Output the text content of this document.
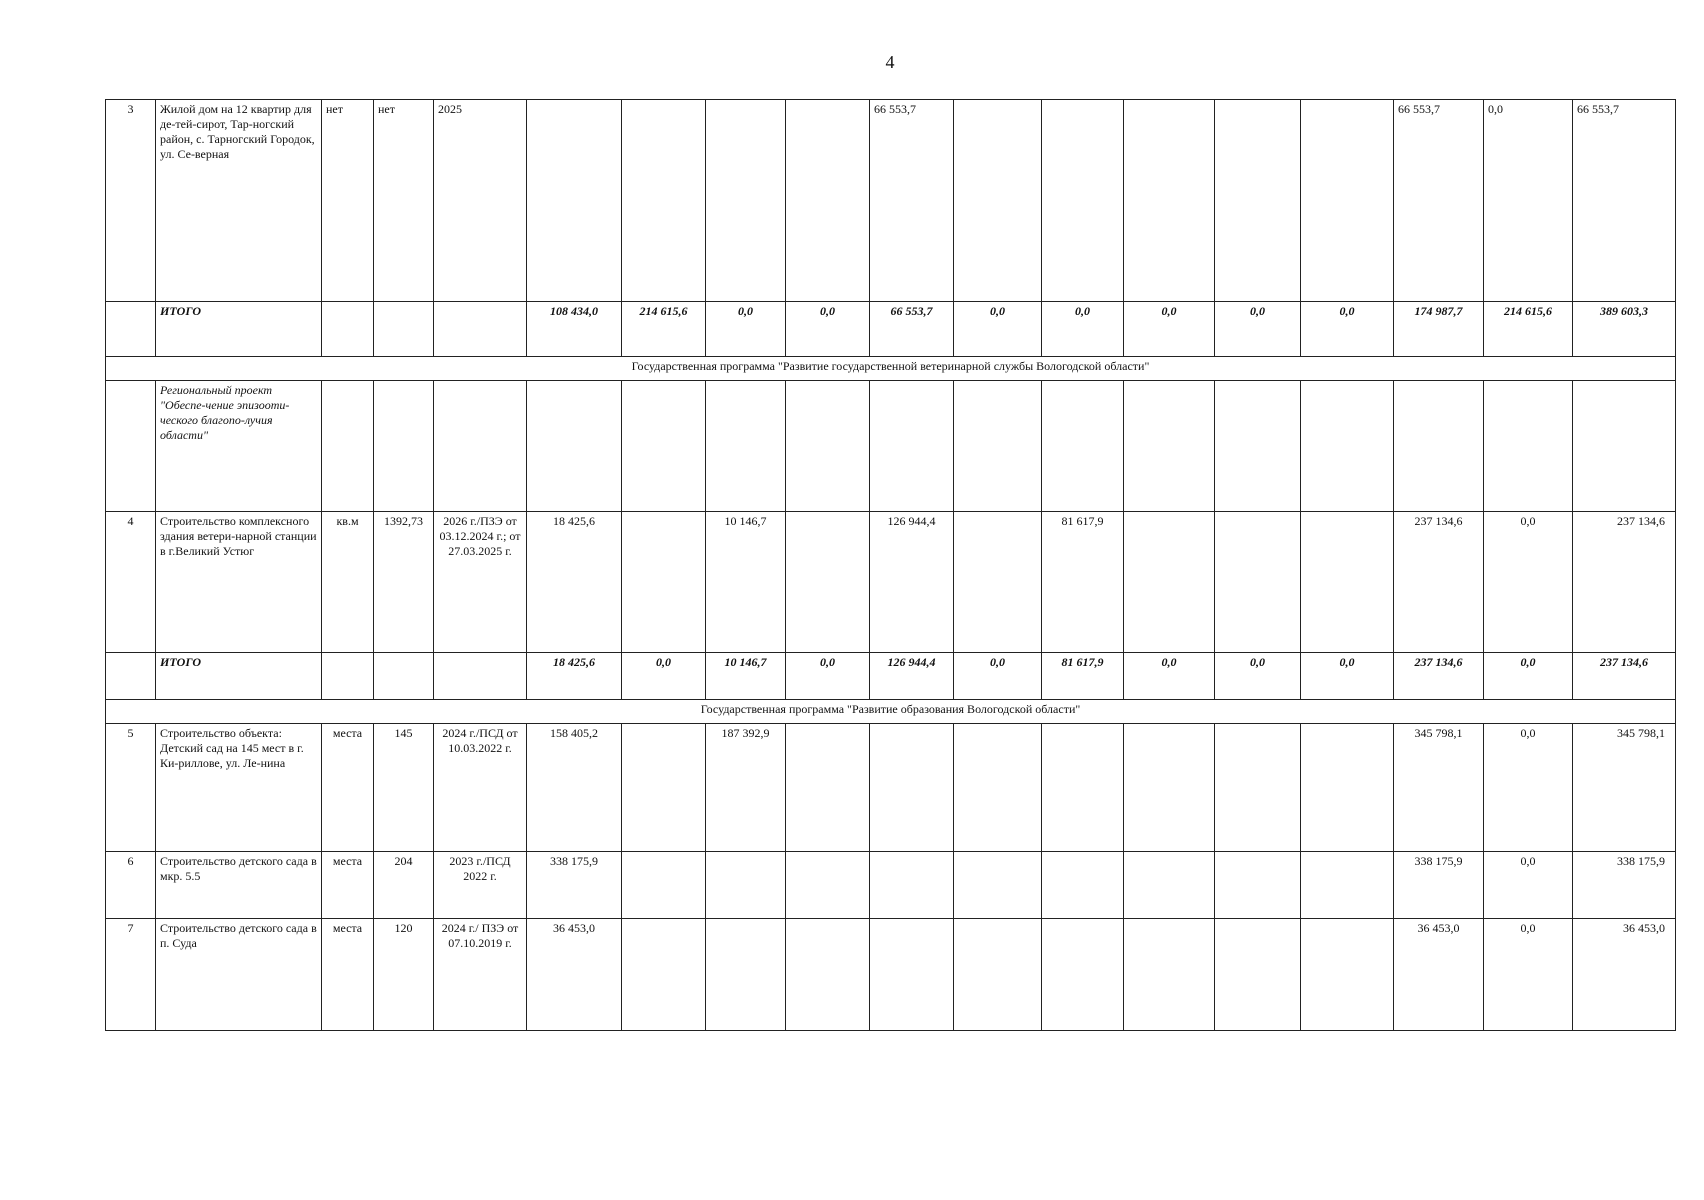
4
3	Жилой дом на 12 квартир для де-тей-сирот, Тар-ногский район, с. Тарногский Городок, ул. Се-верная	нет	нет	2025					66 553,7						66 553,7	0,0	66 553,7
	ИТОГО				108 434,0	214 615,6	0,0	0,0	66 553,7	0,0	0,0	0,0	0,0	0,0	174 987,7	214 615,6	389 603,3
Государственная программа "Развитие государственной ветеринарной службы Вологодской области"																	
	Региональный проект "Обеспе-чение эпизооти-ческого благопо-лучия области"																
4	Строительство комплексного здания ветери-нарной станции в г.Великий Устюг	кв.м	1392,73	2026 г./ПЗЭ от 03.12.2024 г.; от 27.03.2025 г.	18 425,6		10 146,7		126 944,4		81 617,9				237 134,6	0,0	237 134,6
	ИТОГО				18 425,6	0,0	10 146,7	0,0	126 944,4	0,0	81 617,9	0,0	0,0	0,0	237 134,6	0,0	237 134,6
Государственная программа "Развитие образования Вологодской области"																	
5	Строительство объекта: Детский сад на 145 мест в г. Ки-риллове, ул. Ле-нина	места	145	2024 г./ПСД от 10.03.2022 г.	158 405,2		187 392,9								345 798,1	0,0	345 798,1
6	Строительство детского сада в мкр. 5.5	места	204	2023 г./ПСД 2022 г.	338 175,9										338 175,9	0,0	338 175,9
7	Строительство детского сада в п. Суда	места	120	2024 г./ ПЗЭ от 07.10.2019 г.	36 453,0										36 453,0	0,0	36 453,0
